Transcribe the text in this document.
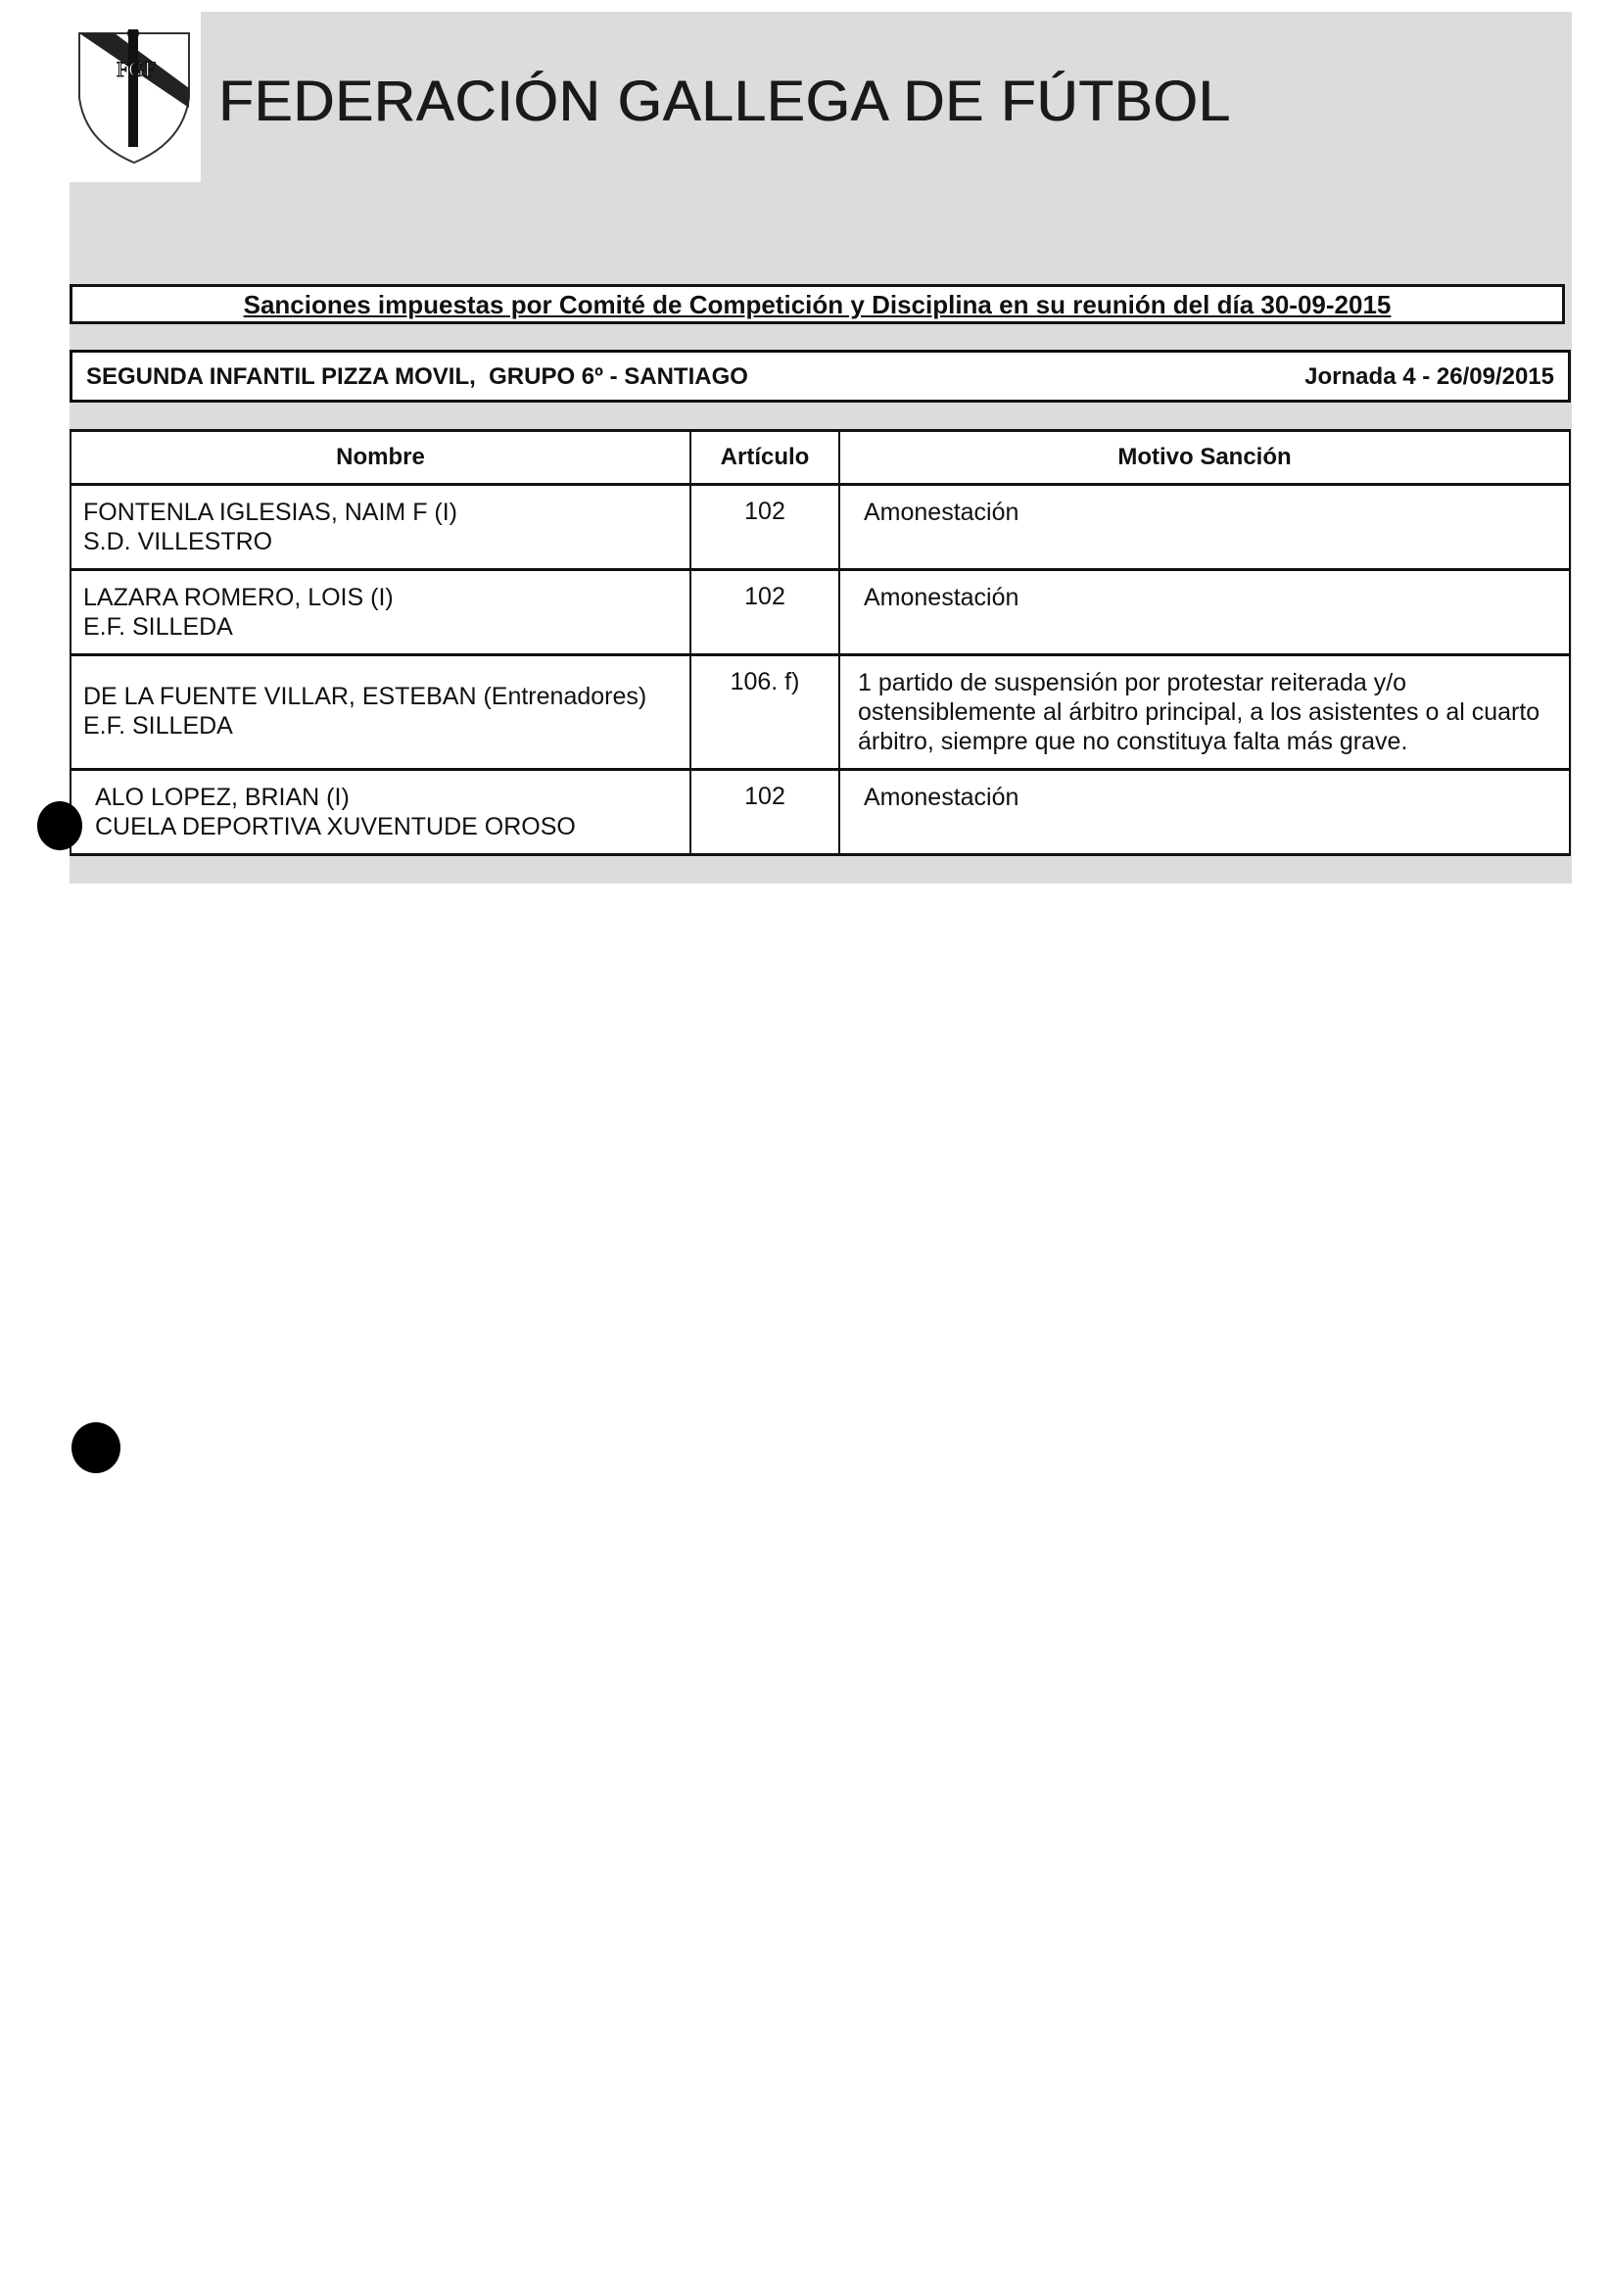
FGF
FEDERACIÓN GALLEGA DE FÚTBOL
Sanciones impuestas por Comité de Competición y Disciplina en su reunión del día 30-09-2015
SEGUNDA INFANTIL PIZZA MOVIL,  GRUPO 6º - SANTIAGO	Jornada 4 - 26/09/2015
Nombre	Artículo	Motivo Sanción

FONTENLA IGLESIAS, NAIM F (I)
S.D. VILLESTRO	102	Amonestación

LAZARA ROMERO, LOIS (I)
E.F. SILLEDA	102	Amonestación

DE LA FUENTE VILLAR, ESTEBAN (Entrenadores)
E.F. SILLEDA	106. f)	1 partido de suspensión por protestar reiterada y/o ostensiblemente al árbitro principal, a los asistentes o al cuarto árbitro, siempre que no constituya falta más grave.

ALO LOPEZ, BRIAN (I)
CUELA DEPORTIVA XUVENTUDE OROSO	102	Amonestación
